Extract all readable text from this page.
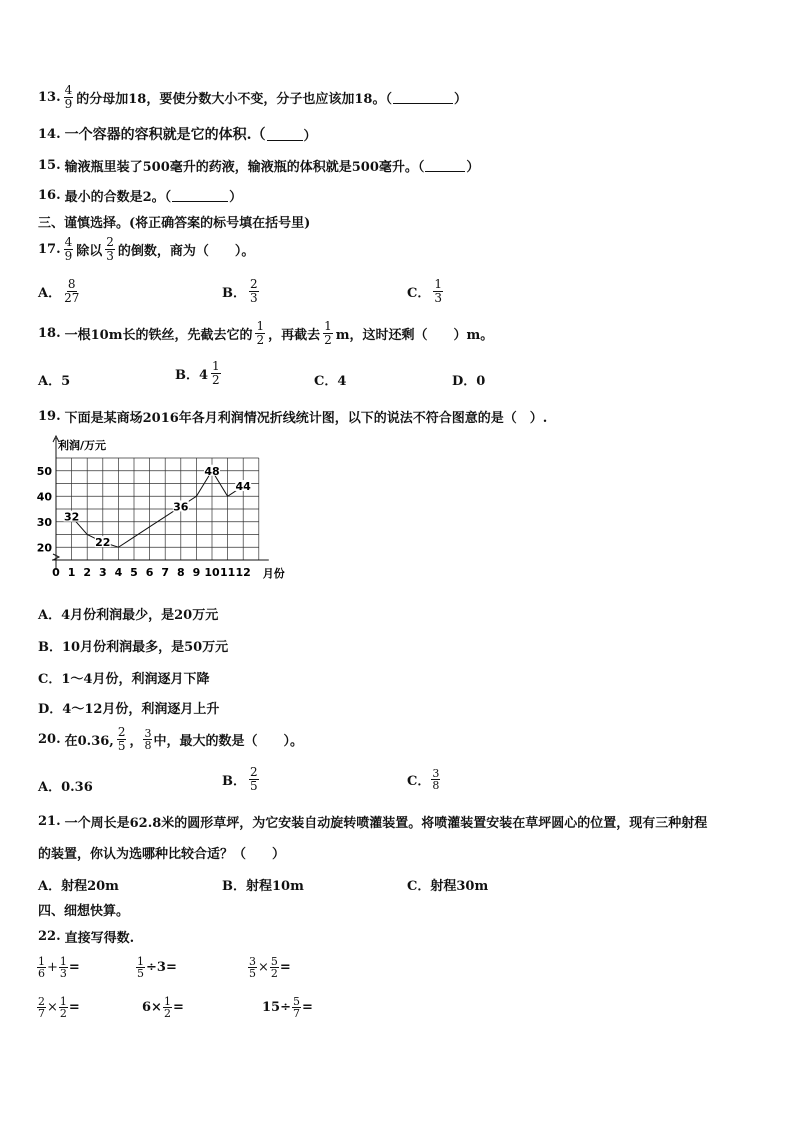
13. $\frac{4}{9}$ 的分母加18，要使分数大小不变，分子也应该加18。（	）
14. 一个容器的容积就是它的体积.（	）
15. 输液瓶里装了500毫升的药液，输液瓶的体积就是500毫升。（	）
16. 最小的合数是2。（	）
三、谨慎选择。(将正确答案的标号填在括号里)
17. $\frac{4}{9}$ 除以 $\frac{2}{3}$ 的倒数，商为（　　）。
A． $\frac{8}{27}$	B． $\frac{2}{3}$	C． $\frac{1}{3}$
18. 一根10m长的铁丝，先截去它的 $\frac{1}{2}$ ，再截去 $\frac{1}{2}$ m，这时还剩（　　）m。
A．5	B．$4 \frac{1}{2}$	C．4	D．0
19. 下面是某商场2016年各月利润情况折线统计图，以下的说法不符合图意的是（　）.
利润/万元
月份
20
30
40
50
0 1 2 3 4 5 6 7 8 9 10 11 12
32
22
36
48
44
A．4月份利润最少，是20万元
B．10月份利润最多，是50万元
C．1～4月份，利润逐月下降
D．4～12月份，利润逐月上升
20. 在0.36, $\frac{2}{5}$ ， $\frac{3}{8}$ 中，最大的数是（　　）。
A．0.36	B． $\frac{2}{5}$	C． $\frac{3}{8}$
21. 一个周长是62.8米的圆形草坪，为它安装自动旋转喷灌装置。将喷灌装置安装在草坪圆心的位置，现有三种射程
的装置，你认为选哪种比较合适？（　　）
A．射程20m	B．射程10m	C．射程30m
四、细想快算。
22. 直接写得数.
$\frac{1}{6} + \frac{1}{3}$ =	$\frac{1}{5} \div 3$ =	$\frac{3}{5} \times \frac{5}{2}$ =
$\frac{2}{7} \times \frac{1}{2}$ =	$6\times \frac{1}{2}$ =	$15\div \frac{5}{7}$ =
